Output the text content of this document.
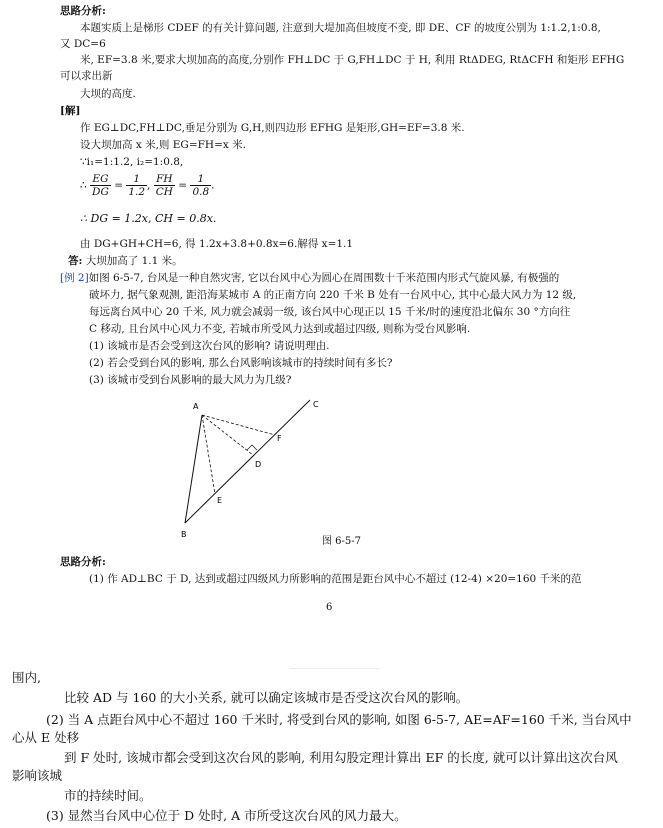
思路分析:
本题实质上是梯形 CDEF 的有关计算问题, 注意到大堤加高但坡度不变, 即 DE、CF 的坡度公别为 1:1.2,1:0.8,
又 DC=6
米, EF=3.8 米,要求大坝加高的高度,分别作 FH⊥DC 于 G,FH⊥DC 于 H, 利用 RtΔDEG, RtΔCFH 和矩形 EFHG
可以求出新
大坝的高度.
[解]
作 EG⊥DC,FH⊥DC,垂足分别为 G,H,则四边形 EFHG 是矩形,GH=EF=3.8 米.
设大坝加高 x 米,则 EG=FH=x 米.
∵i₁=1:1.2, i₂=1:0.8,
∴ $\frac{EG}{DG} = \frac{1}{1.2}$ , $\frac{FH}{CH} = \frac{1}{0.8}$ .
∴ DG = 1.2x, CH = 0.8x.
由 DG+GH+CH=6, 得 1.2x+3.8+0.8x=6.解得 x=1.1
答: 大坝加高了 1.1 米。
[例 2]如图 6-5-7, 台风是一种自然灾害, 它以台风中心为圆心在周围数十千米范围内形式气旋风暴, 有极强的
破坏力, 据气象观测, 距沿海某城市 A 的正南方向 220 千米 B 处有一台风中心, 其中心最大风力为 12 级,
每远离台风中心 20 千米, 风力就会减弱一级, 该台风中心现正以 15 千米/时的速度沿北偏东 30 °方向往
C 移动, 且台风中心风力不变, 若城市所受风力达到或超过四级, 则称为受台风影响.
(1) 该城市是否会受到这次台风的影响? 请说明理由.
(2) 若会受到台风的影响, 那么台风影响该城市的持续时间有多长?
(3) 该城市受到台风影响的最大风力为几级?
A
B
C
D
E
F
图 6-5-7
思路分析:
(1) 作 AD⊥BC 于 D, 达到或超过四级风力所影响的范围是距台风中心不超过 (12-4) ×20=160 千米的范
6
围内,
比较 AD 与 160 的大小关系, 就可以确定该城市是否受这次台风的影响。
(2) 当 A 点距台风中心不超过 160 千米时, 将受到台风的影响, 如图 6-5-7, AE=AF=160 千米, 当台风中
心从 E 处移
到 F 处时, 该城市都会受到这次台风的影响, 利用勾股定理计算出 EF 的长度, 就可以计算出这次台风
影响该城
市的持续时间。
(3) 显然当台风中心位于 D 处时, A 市所受这次台风的风力最大。
